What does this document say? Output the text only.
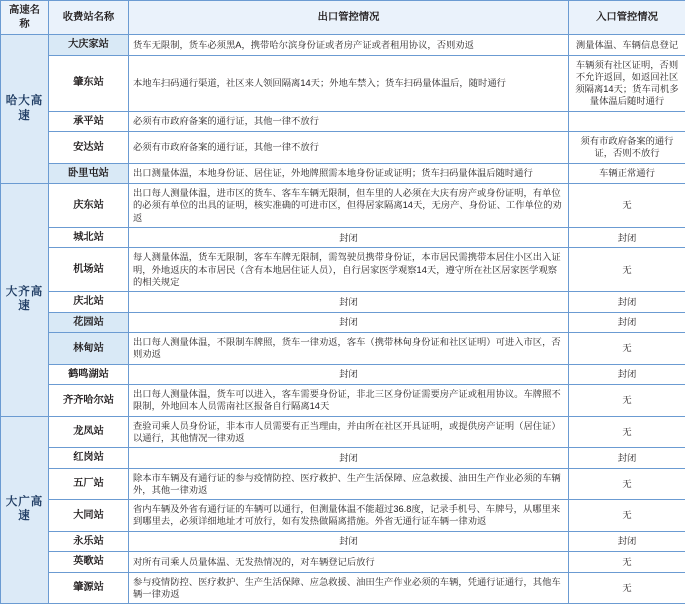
高速名称	收费站名称	出口管控情况	入口管控情况
哈大高速	大庆家站	货车无限制，货车必须黑A，携带哈尔滨身份证或者房产证或者租用协议，否则劝返	测量体温、车辆信息登记
	肇东站	本地车扫码通行渠道，社区来人领回隔离14天；外地车禁入；货车扫码量体温后，随时通行	车辆须有社区证明，否则不允许返回，如返回社区须隔离14天；货车司机多量体温后随时通行
	承平站	必须有市政府备案的通行证，其他一律不放行	
	安达站	必须有市政府备案的通行证，其他一律不放行	须有市政府备案的通行证，否则不放行
	卧里屯站	出口测量体温，本地身份证、居住证，外地牌照需本地身份证或证明；货车扫码量体温后随时通行	车辆正常通行
大齐高速	庆东站	出口每人测量体温，进市区的货车、客车车辆无限制，但车里的人必须在大庆有房产或身份证明，有单位的必须有单位的出具的证明，核实准确的可进市区，但得居家隔离14天，无房产、身份证、工作单位的劝返	无
	城北站	封闭	封闭
	机场站	每人测量体温，货车无限制，客车车牌无限制，需驾驶员携带身份证，本市居民需携带本居住小区出入证明，外地返庆的本市居民（含有本地居住证人员），自行居家医学观察14天，遵守所在社区居家医学观察的相关规定	无
	庆北站	封闭	封闭
	花园站	封闭	封闭
	林甸站	出口每人测量体温，不限制车牌照，货车一律劝返，客车（携带林甸身份证和社区证明）可进入市区，否则劝返	无
	鹤鸣湖站	封闭	封闭
	齐齐哈尔站	出口每人测量体温，货车可以进入，客车需要身份证，非北三区身份证需要房产证或租用协议。车牌照不限制，外地回本人员需南社区报备自行隔离14天	无
大广高速	龙凤站	查验司乘人员身份证，非本市人员需要有正当理由，并由所在社区开具证明，或提供房产证明（居住证）以通行，其他情况一律劝返	无
	红岗站	封闭	封闭
	五厂站	除本市车辆及有通行证的参与疫情防控、医疗救护、生产生活保障、应急救援、油田生产作业必须的车辆外，其他一律劝返	无
	大同站	省内车辆及外省有通行证的车辆可以通行，但测量体温不能超过36.8度，记录手机号、车牌号，从哪里来到哪里去，必须详细地址才可放行，如有发热做隔离措施。外省无通行证车辆一律劝返	无
	永乐站	封闭	封闭
	英歌站	对所有司乘人员量体温、无发热情况的，对车辆登记后放行	无
	肇源站	参与疫情防控、医疗救护、生产生活保障、应急救援、油田生产作业必须的车辆，凭通行证通行，其他车辆一律劝返	无
